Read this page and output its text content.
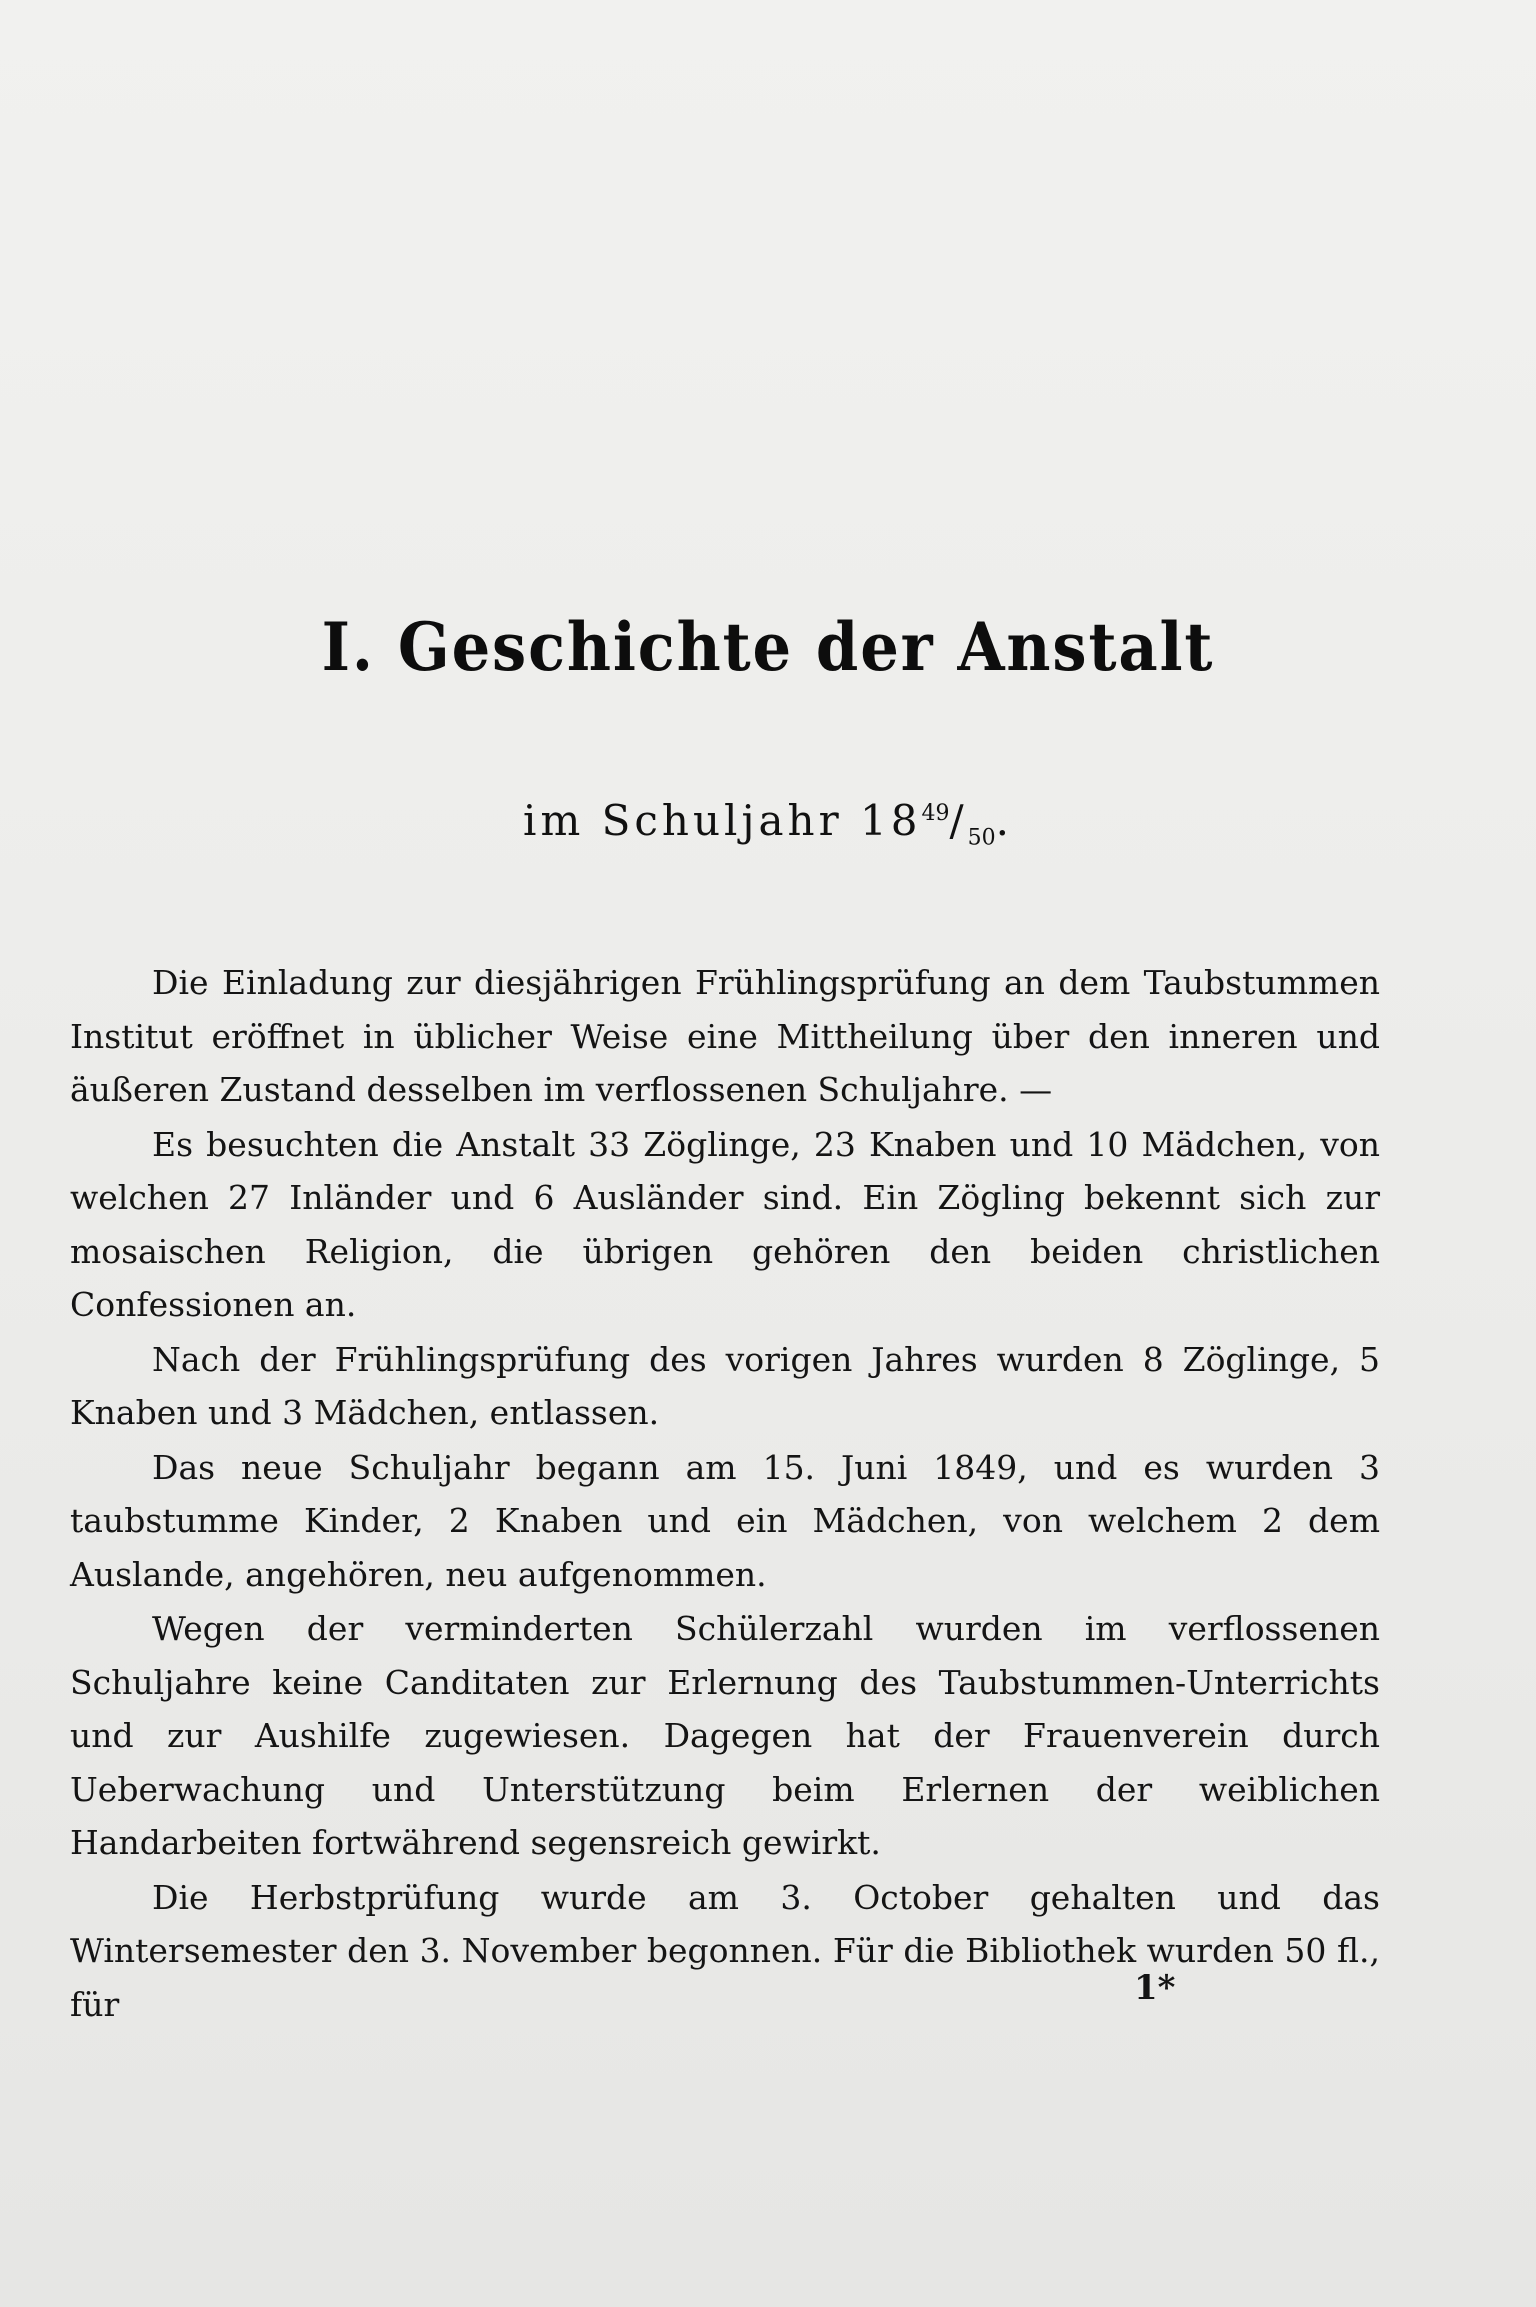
I. Geschichte der Anstalt
im Schuljahr $18^{49}/_{50}$.

Die Einladung zur diesjährigen Frühlingsprüfung an dem Taubstummen Institut eröffnet in üblicher Weise eine Mittheilung über den inneren und äußeren Zustand desselben im verflossenen Schuljahre. —

Es besuchten die Anstalt 33 Zöglinge, 23 Knaben und 10 Mädchen, von welchen 27 Inländer und 6 Ausländer sind. Ein Zögling bekennt sich zur mosaischen Religion, die übrigen gehören den beiden christlichen Confessionen an.

Nach der Frühlingsprüfung des vorigen Jahres wurden 8 Zöglinge, 5 Knaben und 3 Mädchen, entlassen.

Das neue Schuljahr begann am 15. Juni 1849, und es wurden 3 taubstumme Kinder, 2 Knaben und ein Mädchen, von welchem 2 dem Auslande, angehören, neu aufgenommen.

Wegen der verminderten Schülerzahl wurden im verflossenen Schuljahre keine Canditaten zur Erlernung des Taubstummen-Unterrichts und zur Aushilfe zugewiesen. Dagegen hat der Frauenverein durch Ueberwachung und Unterstützung beim Erlernen der weiblichen Handarbeiten fortwährend segensreich gewirkt.

Die Herbstprüfung wurde am 3. October gehalten und das Wintersemester den 3. November begonnen. Für die Bibliothek wurden 50 fl., für	1*
